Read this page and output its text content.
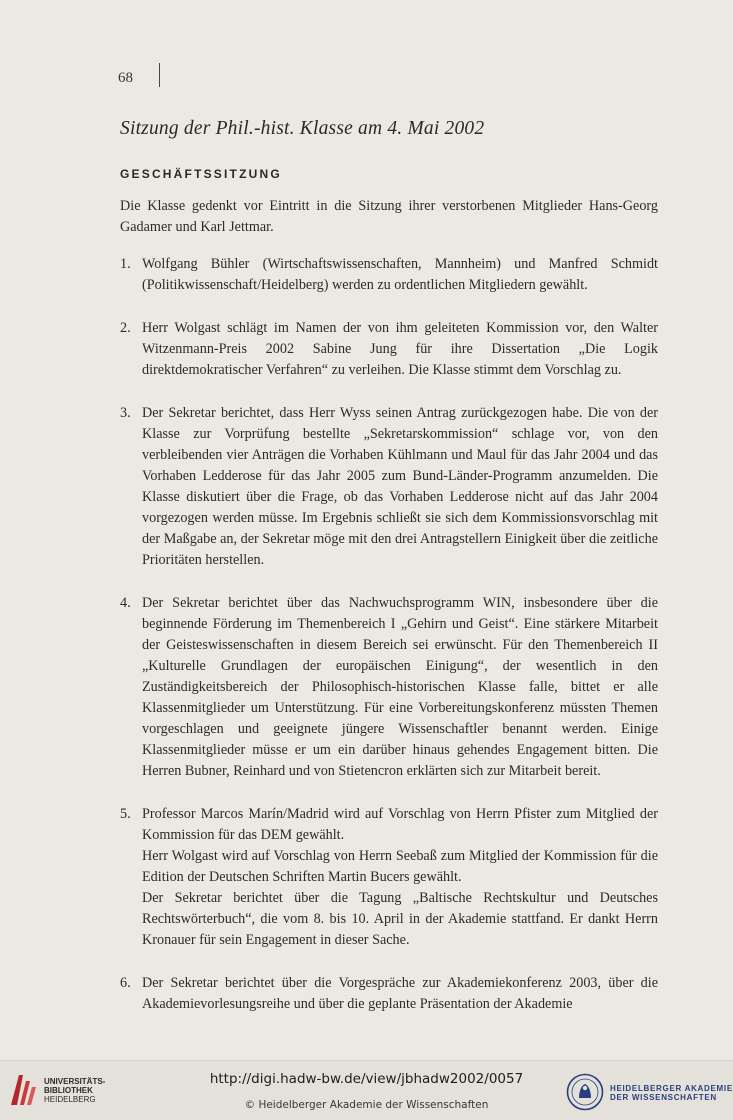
68
Sitzung der Phil.-hist. Klasse am 4. Mai 2002
GESCHÄFTSSITZUNG

Die Klasse gedenkt vor Eintritt in die Sitzung ihrer verstorbenen Mitglieder Hans-Georg Gadamer und Karl Jettmar.

1. Wolfgang Bühler (Wirtschaftswissenschaften, Mannheim) und Manfred Schmidt (Politikwissenschaft/Heidelberg) werden zu ordentlichen Mitgliedern gewählt.

2. Herr Wolgast schlägt im Namen der von ihm geleiteten Kommission vor, den Walter Witzenmann-Preis 2002 Sabine Jung für ihre Dissertation „Die Logik direktdemokratischer Verfahren“ zu verleihen. Die Klasse stimmt dem Vorschlag zu.

3. Der Sekretar berichtet, dass Herr Wyss seinen Antrag zurückgezogen habe. Die von der Klasse zur Vorprüfung bestellte „Sekretarskommission“ schlage vor, von den verbleibenden vier Anträgen die Vorhaben Kühlmann und Maul für das Jahr 2004 und das Vorhaben Ledderose für das Jahr 2005 zum Bund-Länder-Programm anzumelden. Die Klasse diskutiert über die Frage, ob das Vorhaben Ledderose nicht auf das Jahr 2004 vorgezogen werden müsse. Im Ergebnis schließt sie sich dem Kommissionsvorschlag mit der Maßgabe an, der Sekretar möge mit den drei Antragstellern Einigkeit über die zeitliche Prioritäten herstellen.

4. Der Sekretar berichtet über das Nachwuchsprogramm WIN, insbesondere über die beginnende Förderung im Themenbereich I „Gehirn und Geist“. Eine stärkere Mitarbeit der Geisteswissenschaften in diesem Bereich sei erwünscht. Für den Themenbereich II „Kulturelle Grundlagen der europäischen Einigung“, der wesentlich in den Zuständigkeitsbereich der Philosophisch-historischen Klasse falle, bittet er alle Klassenmitglieder um Unterstützung. Für eine Vorbereitungskonferenz müssten Themen vorgeschlagen und geeignete jüngere Wissenschaftler benannt werden. Einige Klassenmitglieder müsse er um ein darüber hinaus gehendes Engagement bitten. Die Herren Bubner, Reinhard und von Stietencron erklärten sich zur Mitarbeit bereit.

5. Professor Marcos Marín/Madrid wird auf Vorschlag von Herrn Pfister zum Mitglied der Kommission für das DEM gewählt.

Herr Wolgast wird auf Vorschlag von Herrn Seebaß zum Mitglied der Kommission für die Edition der Deutschen Schriften Martin Bucers gewählt.

Der Sekretar berichtet über die Tagung „Baltische Rechtskultur und Deutsches Rechtswörterbuch“, die vom 8. bis 10. April in der Akademie stattfand. Er dankt Herrn Kronauer für sein Engagement in dieser Sache.

6. Der Sekretar berichtet über die Vorgespräche zur Akademiekonferenz 2003, über die Akademievorlesungsreihe und über die geplante Präsentation der Akademie

UNIVERSITÄTS-
BIBLIOTHEK
HEIDELBERG
http://digi.hadw-bw.de/view/jbhadw2002/0057
© Heidelberger Akademie der Wissenschaften
HEIDELBERGER AKADEMIE
DER WISSENSCHAFTEN
